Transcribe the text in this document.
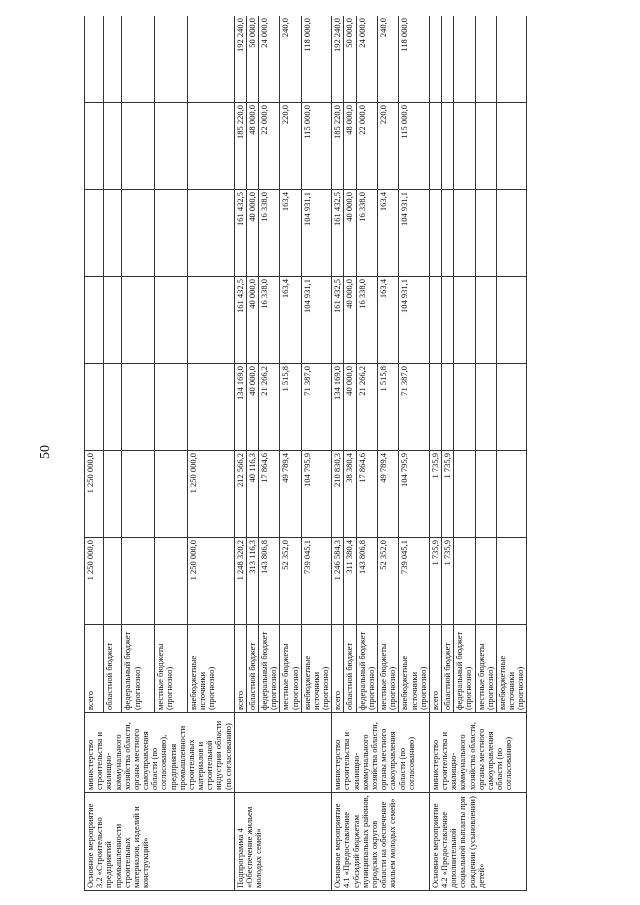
50
Основное мероприятие 3.2 «Строительство предприятий промышленности строительных материалов, изделий и конструкций»	министерство строительства и жилищно-коммунального хозяйства области, органы местного самоуправления области (по согласованию), предприятия промышленности строительных материалов и строительной индустрии области (по согласованию)	всего	1 250 000,0	1 250 000,0						
		областной бюджет								
		федеральный бюджет (прогнозно)								
		местные бюджеты (прогнозно)								
		внебюджетные источники (прогнозно)	1 250 000,0	1 250 000,0						
Подпрограмма 4 «Обеспечение жильем молодых семей»		всего	1 248 320,2	212 566,2	134 169,0	161 432,5	161 432,5	185 220,0	192 240,0	
		областной бюджет	313 116,3	40 116,3	40 000,0	40 000,0	40 000,0	48 000,0	50 000,0	
		федеральный бюджет (прогнозно)	143 806,8	17 864,6	21 266,2	16 338,0	16 338,0	22 000,0	24 000,0	
		местные бюджеты (прогнозно)	52 352,0	49 789,4	1 515,8	163,4	163,4	220,0	240,0	
		внебюджетные источники (прогнозно)	739 045,1	104 795,9	71 387,0	104 931,1	104 931,1	115 000,0	118 000,0	
Основное мероприятие 4.1 «Предоставление субсидий бюджетам муниципальных районов, городских округов области на обеспечение жильем молодых семей»	министерство строительства и жилищно-коммунального хозяйства области, органы местного самоуправления области (по согласованию)	всего	1 246 584,3	210 830,3	134 169,0	161 432,5	161 432,5	185 220,0	192 240,0	
		областной бюджет	311 380,4	38 380,4	40 000,0	40 000,0	40 000,0	48 000,0	50 000,0	
		федеральный бюджет (прогнозно)	143 806,8	17 864,6	21 266,2	16 338,0	16 338,0	22 000,0	24 000,0	
		местные бюджеты (прогнозно)	52 352,0	49 789,4	1 515,8	163,4	163,4	220,0	240,0	
		внебюджетные источники (прогнозно)	739 045,1	104 795,9	71 387,0	104 931,1	104 931,1	115 000,0	118 000,0	
Основное мероприятие 4.2 «Предоставление дополнительной социальной выплаты при рождении (усыновлении) детей»	министерство строительства и жилищно-коммунального хозяйства области, органы местного самоуправления области (по согласованию)	всего	1 735,9	1 735,9						
		областной бюджет	1 735,9	1 735,9						
		федеральный бюджет (прогнозно)								
		местные бюджеты (прогнозно)								
		внебюджетные источники (прогнозно)								
